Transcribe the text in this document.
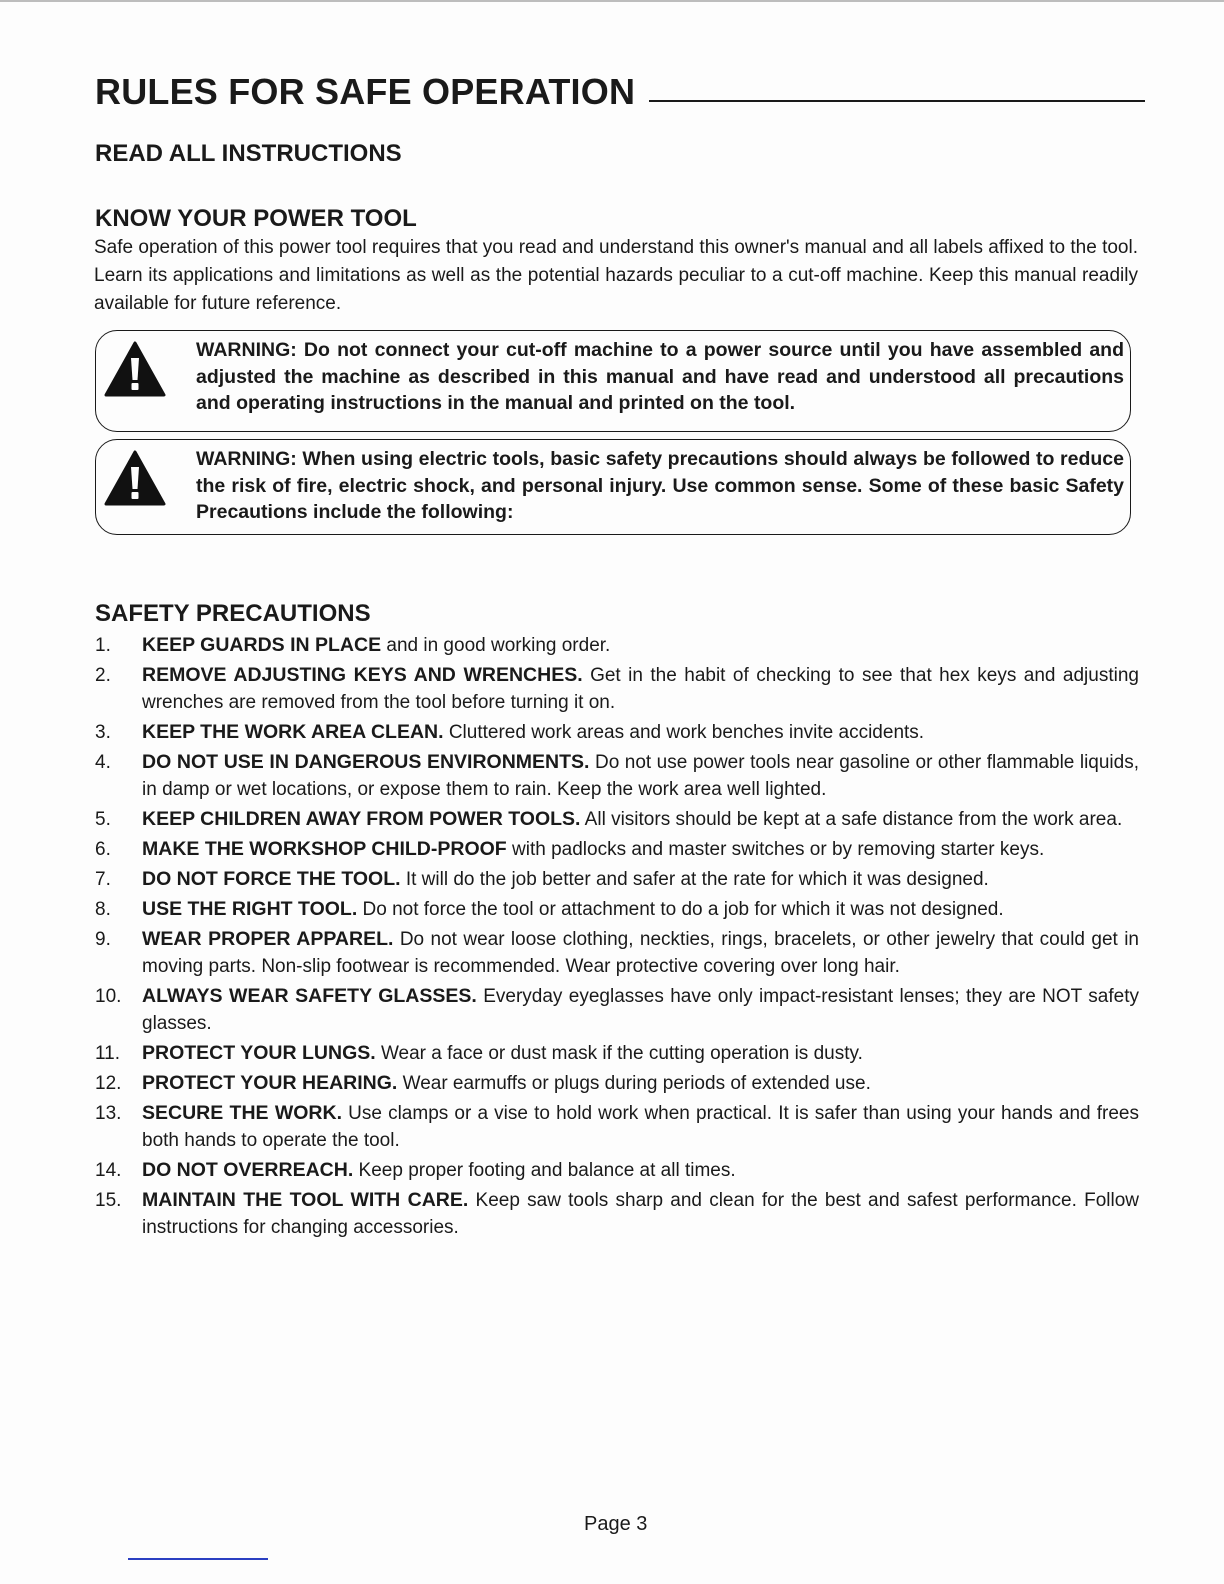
RULES FOR SAFE OPERATION
READ ALL INSTRUCTIONS
KNOW YOUR POWER TOOL
Safe operation of this power tool requires that you read and understand this owner's manual and all labels affixed to the tool. Learn its applications and limitations as well as the potential hazards peculiar to a cut-off machine. Keep this manual readily available for future reference.
WARNING: Do not connect your cut-off machine to a power source until you have assembled and adjusted the machine as described in this manual and have read and understood all precautions and operating instructions in the manual and printed on the tool.
WARNING: When using electric tools, basic safety precautions should always be followed to reduce the risk of fire, electric shock, and personal injury. Use common sense. Some of these basic Safety Precautions include the following:
SAFETY PRECAUTIONS
1.	KEEP GUARDS IN PLACE and in good working order.
2.	REMOVE ADJUSTING KEYS AND WRENCHES. Get in the habit of checking to see that hex keys and adjusting wrenches are removed from the tool before turning it on.
3.	KEEP THE WORK AREA CLEAN. Cluttered work areas and work benches invite accidents.
4.	DO NOT USE IN DANGEROUS ENVIRONMENTS. Do not use power tools near gasoline or other flammable liquids, in damp or wet locations, or expose them to rain. Keep the work area well lighted.
5.	KEEP CHILDREN AWAY FROM POWER TOOLS. All visitors should be kept at a safe distance from the work area.
6.	MAKE THE WORKSHOP CHILD-PROOF with padlocks and master switches or by removing starter keys.
7.	DO NOT FORCE THE TOOL. It will do the job better and safer at the rate for which it was designed.
8.	USE THE RIGHT TOOL. Do not force the tool or attachment to do a job for which it was not designed.
9.	WEAR PROPER APPAREL. Do not wear loose clothing, neckties, rings, bracelets, or other jewelry that could get in moving parts. Non-slip footwear is recommended. Wear protective covering over long hair.
10.	ALWAYS WEAR SAFETY GLASSES. Everyday eyeglasses have only impact-resistant lenses; they are NOT safety glasses.
11.	PROTECT YOUR LUNGS. Wear a face or dust mask if the cutting operation is dusty.
12.	PROTECT YOUR HEARING. Wear earmuffs or plugs during periods of extended use.
13.	SECURE THE WORK. Use clamps or a vise to hold work when practical. It is safer than using your hands and frees both hands to operate the tool.
14.	DO NOT OVERREACH. Keep proper footing and balance at all times.
15.	MAINTAIN THE TOOL WITH CARE. Keep saw tools sharp and clean for the best and safest performance. Follow instructions for changing accessories.
Page 3
